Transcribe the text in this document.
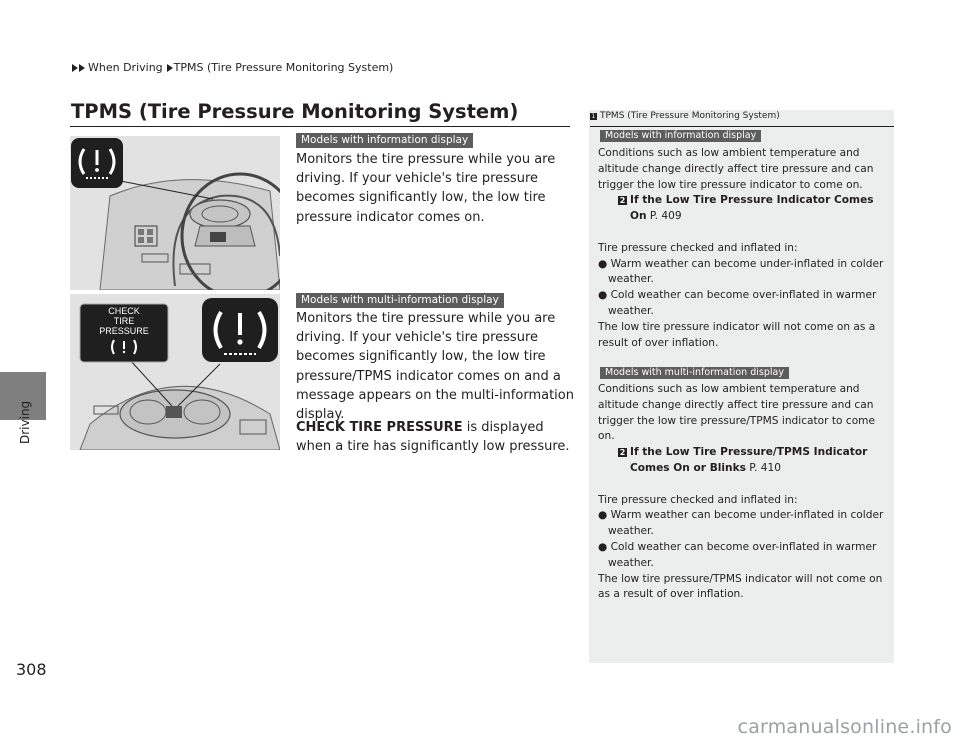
When Driving TPMS (Tire Pressure Monitoring System)
Driving
308
TPMS (Tire Pressure Monitoring System)
CHECK
TIRE
PRESSURE
Models with information display
Monitors the tire pressure while you are driving. If your vehicle's tire pressure becomes significantly low, the low tire pressure indicator comes on.
Models with multi-information display
Monitors the tire pressure while you are driving. If your vehicle's tire pressure becomes significantly low, the low tire pressure/TPMS indicator comes on and a message appears on the multi-information display.
CHECK TIRE PRESSURE is displayed when a tire has significantly low pressure.
1 TPMS (Tire Pressure Monitoring System)
Models with information display

Conditions such as low ambient temperature and altitude change directly affect tire pressure and can trigger the low tire pressure indicator to come on.

2 If the Low Tire Pressure Indicator Comes On P. 409

Tire pressure checked and inflated in:

● Warm weather can become under-inflated in colder weather.

● Cold weather can become over-inflated in warmer weather.

The low tire pressure indicator will not come on as a result of over inflation.

Models with multi-information display

Conditions such as low ambient temperature and altitude change directly affect tire pressure and can trigger the low tire pressure/TPMS indicator to come on.

2 If the Low Tire Pressure/TPMS Indicator Comes On or Blinks P. 410

Tire pressure checked and inflated in:

● Warm weather can become under-inflated in colder weather.

● Cold weather can become over-inflated in warmer weather.

The low tire pressure/TPMS indicator will not come on as a result of over inflation.

carmanualsonline.info
